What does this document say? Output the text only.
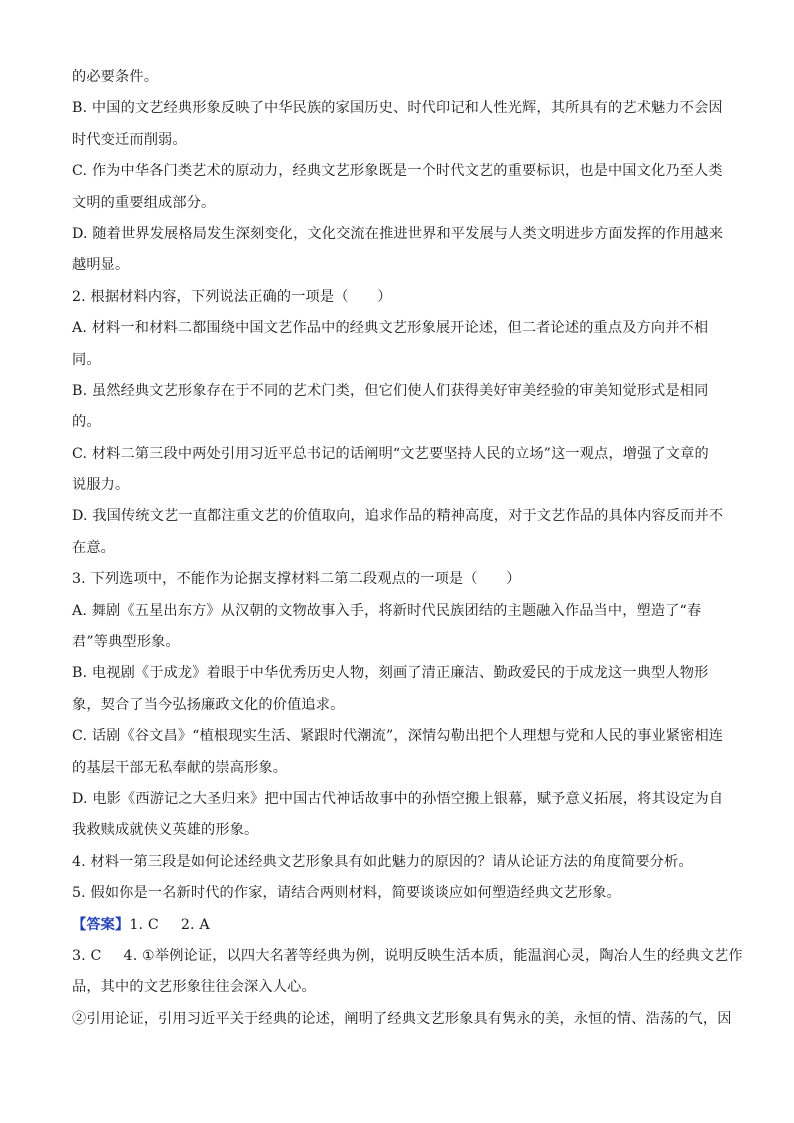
的必要条件。
B. 中国的文艺经典形象反映了中华民族的家国历史、时代印记和人性光辉，其所具有的艺术魅力不会因
时代变迁而削弱。
C. 作为中华各门类艺术的原动力，经典文艺形象既是一个时代文艺的重要标识，也是中国文化乃至人类
文明的重要组成部分。
D. 随着世界发展格局发生深刻变化，文化交流在推进世界和平发展与人类文明进步方面发挥的作用越来
越明显。
2. 根据材料内容，下列说法正确的一项是（　　）
A. 材料一和材料二都围绕中国文艺作品中的经典文艺形象展开论述，但二者论述的重点及方向并不相
同。
B. 虽然经典文艺形象存在于不同的艺术门类，但它们使人们获得美好审美经验的审美知觉形式是相同
的。
C. 材料二第三段中两处引用习近平总书记的话阐明“文艺要坚持人民的立场”这一观点，增强了文章的
说服力。
D. 我国传统文艺一直都注重文艺的价值取向，追求作品的精神高度，对于文艺作品的具体内容反而并不
在意。
3. 下列选项中，不能作为论据支撑材料二第二段观点的一项是（　　）
A. 舞剧《五星出东方》从汉朝的文物故事入手，将新时代民族团结的主题融入作品当中，塑造了“春
君”等典型形象。
B. 电视剧《于成龙》着眼于中华优秀历史人物，刻画了清正廉洁、勤政爱民的于成龙这一典型人物形
象，契合了当今弘扬廉政文化的价值追求。
C. 话剧《谷文昌》“植根现实生活、紧跟时代潮流”，深情勾勒出把个人理想与党和人民的事业紧密相连
的基层干部无私奉献的崇高形象。
D. 电影《西游记之大圣归来》把中国古代神话故事中的孙悟空搬上银幕，赋予意义拓展，将其设定为自
我救赎成就侠义英雄的形象。
4. 材料一第三段是如何论述经典文艺形象具有如此魅力的原因的？请从论证方法的角度简要分析。
5. 假如你是一名新时代的作家，请结合两则材料，简要谈谈应如何塑造经典文艺形象。
【答案】1. C 2. A
3. C 4. ①举例论证，以四大名著等经典为例，说明反映生活本质，能温润心灵，陶冶人生的经典文艺作
品，其中的文艺形象往往会深入人心。
②引用论证，引用习近平关于经典的论述，阐明了经典文艺形象具有隽永的美，永恒的情、浩荡的气，因
